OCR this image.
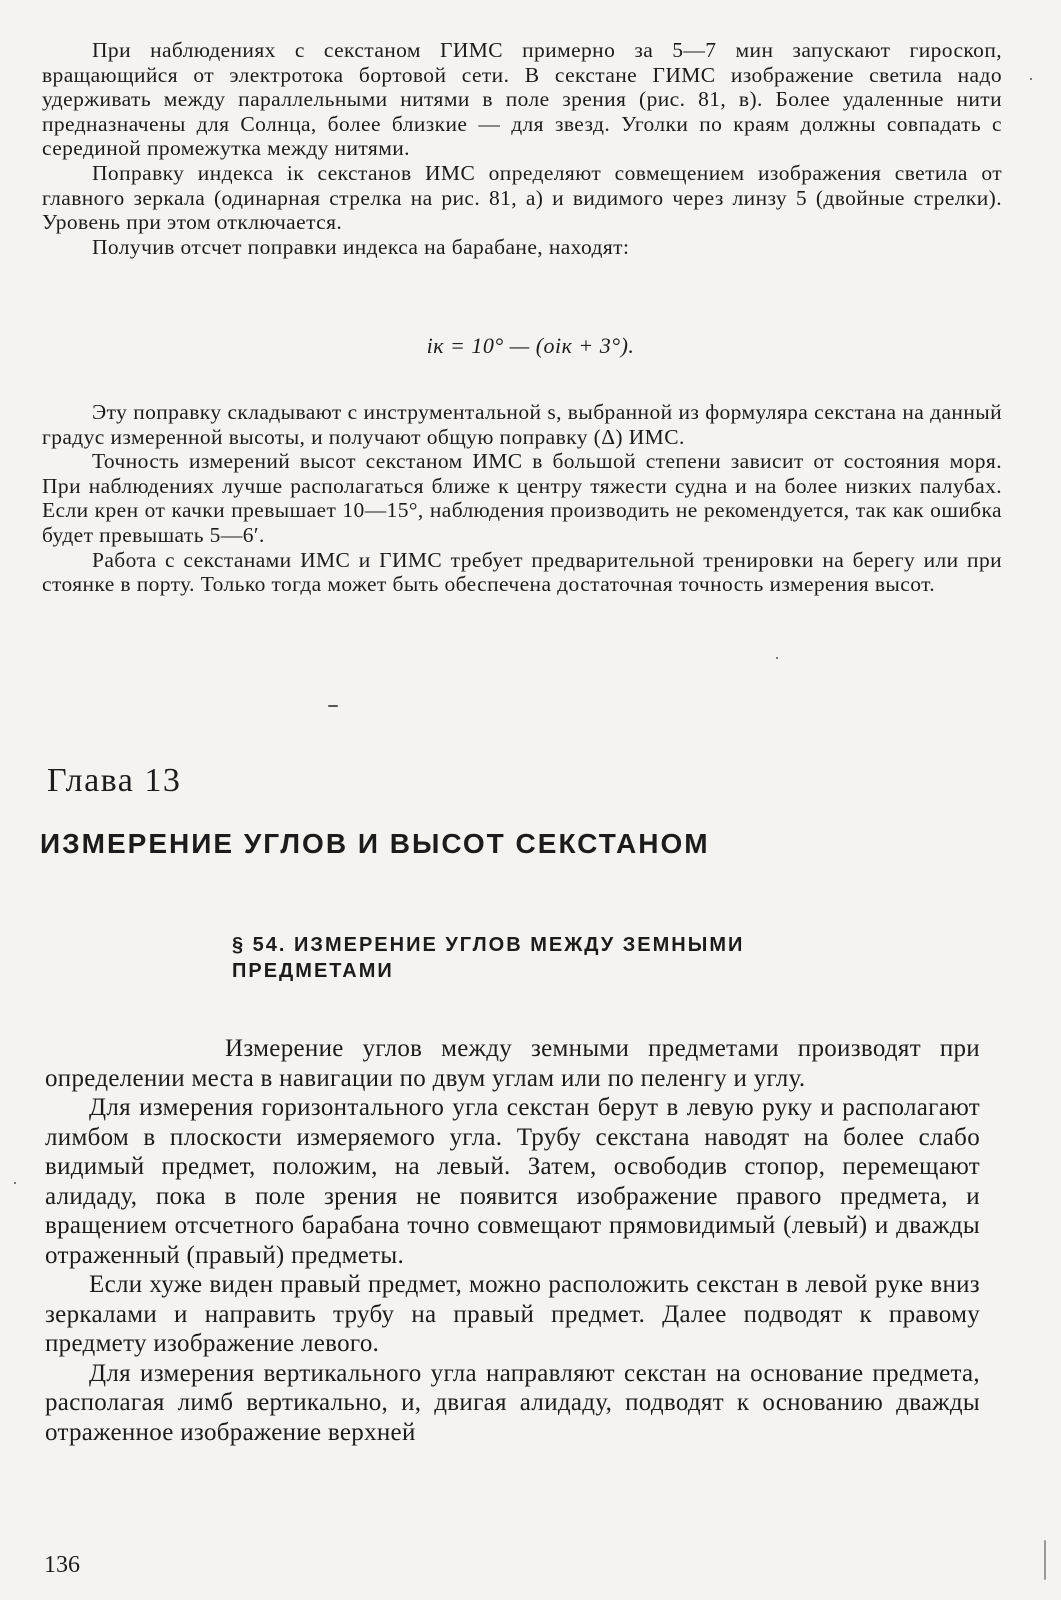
При наблюдениях с секстаном ГИМС примерно за 5—7 мин запускают гироскоп, вращающийся от электротока бортовой сети. В секстане ГИМС изображение светила надо удерживать между параллельными нитями в поле зрения (рис. 81, в). Более удаленные нити предназначены для Солнца, более близкие — для звезд. Уголки по краям должны совпадать с серединой промежутка между нитями.

Поправку индекса iк секстанов ИМС определяют совмещением изображения светила от главного зеркала (одинарная стрелка на рис. 81, а) и видимого через линзу 5 (двойные стрелки). Уровень при этом отключается.

Получив отсчет поправки индекса на барабане, находят:

iк = 10° — (oiк + 3°).

Эту поправку складывают с инструментальной s, выбранной из формуляра секстана на данный градус измеренной высоты, и получают общую поправку (Δ) ИМС.

Точность измерений высот секстаном ИМС в большой степени зависит от состояния моря. При наблюдениях лучше располагаться ближе к центру тяжести судна и на более низких палубах. Если крен от качки превышает 10—15°, наблюдения производить не рекомендуется, так как ошибка будет превышать 5—6′.

Работа с секстанами ИМС и ГИМС требует предварительной тренировки на берегу или при стоянке в порту. Только тогда может быть обеспечена достаточная точность измерения высот.

Глава 13
ИЗМЕРЕНИЕ УГЛОВ И ВЫСОТ СЕКСТАНОМ
§ 54. ИЗМЕРЕНИЕ УГЛОВ МЕЖДУ ЗЕМНЫМИ ПРЕДМЕТАМИ

Измерение углов между земными предметами производят при определении места в навигации по двум углам или по пеленгу и углу.

Для измерения горизонтального угла секстан берут в левую руку и располагают лимбом в плоскости измеряемого угла. Трубу секстана наводят на более слабо видимый предмет, положим, на левый. Затем, освободив стопор, перемещают алидаду, пока в поле зрения не появится изображение правого предмета, и вращением отсчетного барабана точно совмещают прямовидимый (левый) и дважды отраженный (правый) предметы.

Если хуже виден правый предмет, можно расположить секстан в левой руке вниз зеркалами и направить трубу на правый предмет. Далее подводят к правому предмету изображение левого.

Для измерения вертикального угла направляют секстан на основание предмета, располагая лимб вертикально, и, двигая алидаду, подводят к основанию дважды отраженное изображение верхней

136
